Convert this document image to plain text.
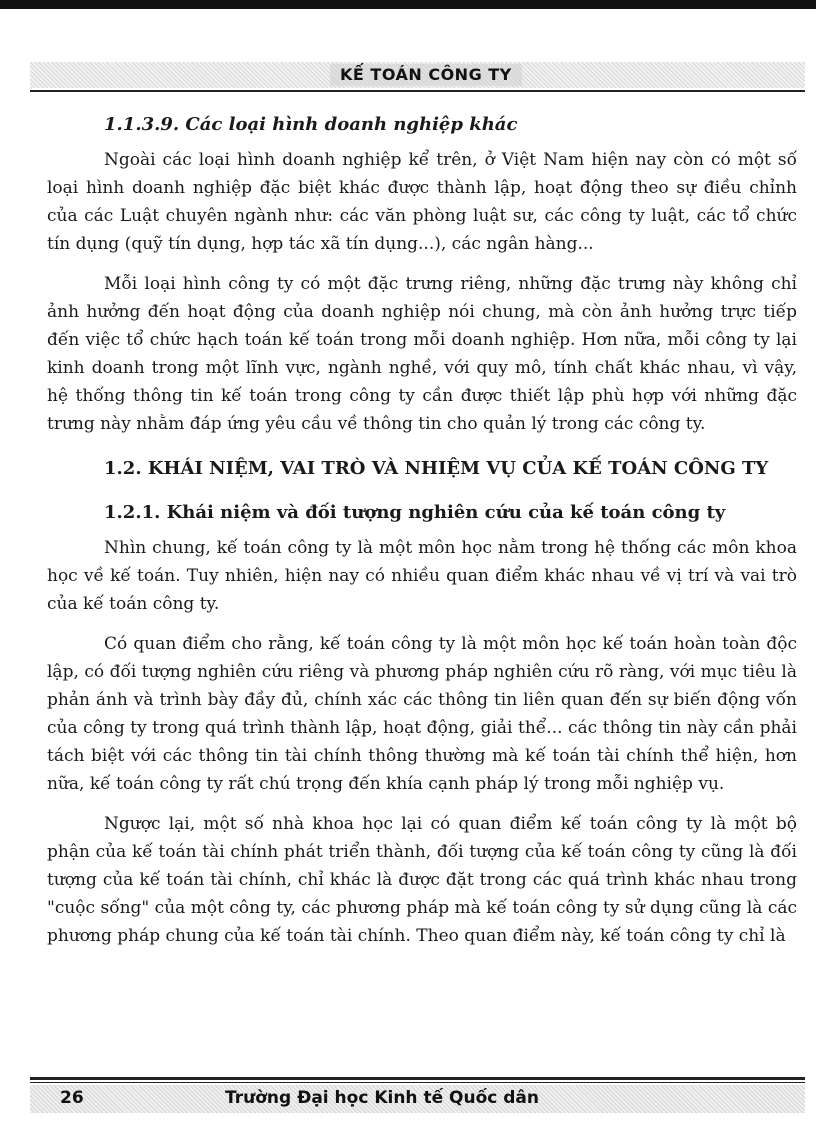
KẾ TOÁN CÔNG TY
1.1.3.9. Các loại hình doanh nghiệp khác

Ngoài các loại hình doanh nghiệp kể trên, ở Việt Nam hiện nay còn có một số loại hình doanh nghiệp đặc biệt khác được thành lập, hoạt động theo sự điều chỉnh của các Luật chuyên ngành như: các văn phòng luật sư, các công ty luật, các tổ chức tín dụng (quỹ tín dụng, hợp tác xã tín dụng...), các ngân hàng...

Mỗi loại hình công ty có một đặc trưng riêng, những đặc trưng này không chỉ ảnh hưởng đến hoạt động của doanh nghiệp nói chung, mà còn ảnh hưởng trực tiếp đến việc tổ chức hạch toán kế toán trong mỗi doanh nghiệp. Hơn nữa, mỗi công ty lại kinh doanh trong một lĩnh vực, ngành nghề, với quy mô, tính chất khác nhau, vì vậy, hệ thống thông tin kế toán trong công ty cần được thiết lập phù hợp với những đặc trưng này nhằm đáp ứng yêu cầu về thông tin cho quản lý trong các công ty.

1.2. KHÁI NIỆM, VAI TRÒ VÀ NHIỆM VỤ CỦA KẾ TOÁN CÔNG TY
1.2.1. Khái niệm và đối tượng nghiên cứu của kế toán công ty

Nhìn chung, kế toán công ty là một môn học nằm trong hệ thống các môn khoa học về kế toán. Tuy nhiên, hiện nay có nhiều quan điểm khác nhau về vị trí và vai trò của kế toán công ty.

Có quan điểm cho rằng, kế toán công ty là một môn học kế toán hoàn toàn độc lập, có đối tượng nghiên cứu riêng và phương pháp nghiên cứu rõ ràng, với mục tiêu là phản ánh và trình bày đầy đủ, chính xác các thông tin liên quan đến sự biến động vốn của công ty trong quá trình thành lập, hoạt động, giải thể... các thông tin này cần phải tách biệt với các thông tin tài chính thông thường mà kế toán tài chính thể hiện, hơn nữa, kế toán công ty rất chú trọng đến khía cạnh pháp lý trong mỗi nghiệp vụ.

Ngược lại, một số nhà khoa học lại có quan điểm kế toán công ty là một bộ phận của kế toán tài chính phát triển thành, đối tượng của kế toán công ty cũng là đối tượng của kế toán tài chính, chỉ khác là được đặt trong các quá trình khác nhau trong "cuộc sống" của một công ty, các phương pháp mà kế toán công ty sử dụng cũng là các phương pháp chung của kế toán tài chính. Theo quan điểm này, kế toán công ty chỉ là

26	Trường Đại học Kinh tế Quốc dân
